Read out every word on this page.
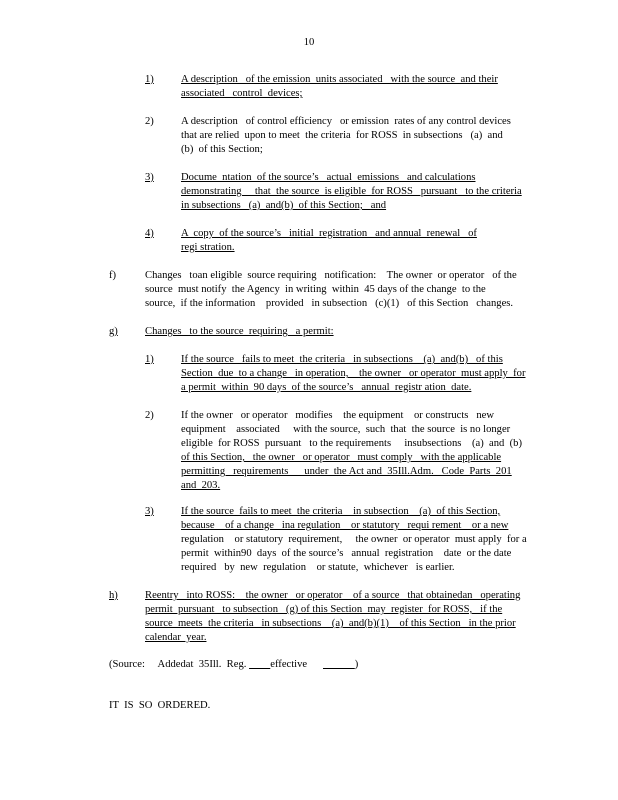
10
1)	A description   of the emission  units associated   with the source  and their
associated   control  devices;
2)	A description   of control efficiency   or emission  rates of any control devices
that are relied  upon to meet  the criteria  for ROSS  in subsections   (a)  and
(b)  of this Section;
3)	Docume  ntation  of the source’s   actual  emissions   and calculations
demonstrating     that  the source  is eligible  for ROSS   pursuant   to the criteria
in subsections   (a)  and(b)  of this Section;   and
4)	A  copy  of the source’s   initial  registration   and annual  renewal   of
regi stration.
f)	Changes   toan eligible  source requiring   notification:    The owner  or operator   of the
source  must notify  the Agency  in writing  within  45 days of the change  to the
source,  if the information    provided   in subsection   (c)(1)   of this Section   changes.
g)	Changes   to the source  requiring   a permit:
1)	If the source   fails to meet  the criteria   in subsections    (a)  and(b)   of this
Section  due  to a change   in operation,    the owner   or operator  must apply  for
a permit  within  90 days  of the source’s   annual  registr ation  date.
2)	If the owner   or operator   modifies    the equipment    or constructs   new
equipment    associated     with the source,  such  that  the source  is no longer
eligible  for ROSS  pursuant   to the requirements     insubsections    (a)  and  (b)
of this Section,   the owner   or operator   must comply   with the applicable
permitting   requirements      under  the Act and  35Ill.Adm.   Code  Parts  201
and  203.
3)	If the source  fails to meet  the criteria    in subsection    (a)  of this Section,
because    of a change   ina regulation    or statutory   requi rement    or a new
regulation    or statutory  requirement,     the owner  or operator  must apply  for a
permit  within90  days  of the source’s   annual  registration    date  or the date
required   by  new  regulation    or statute,  whichever   is earlier.
h)	Reentry   into ROSS:    the owner   or operator    of a source   that obtainedan   operating
permit  pursuant   to subsection   (g) of this Section  may  register  for ROSS,   if the
source  meets  the criteria   in subsections    (a)  and(b)(1)    of this Section   in the prior
calendar  year.
(Source:     Addedat  35Ill.  Reg. effective	)
IT  IS  SO  ORDERED.
